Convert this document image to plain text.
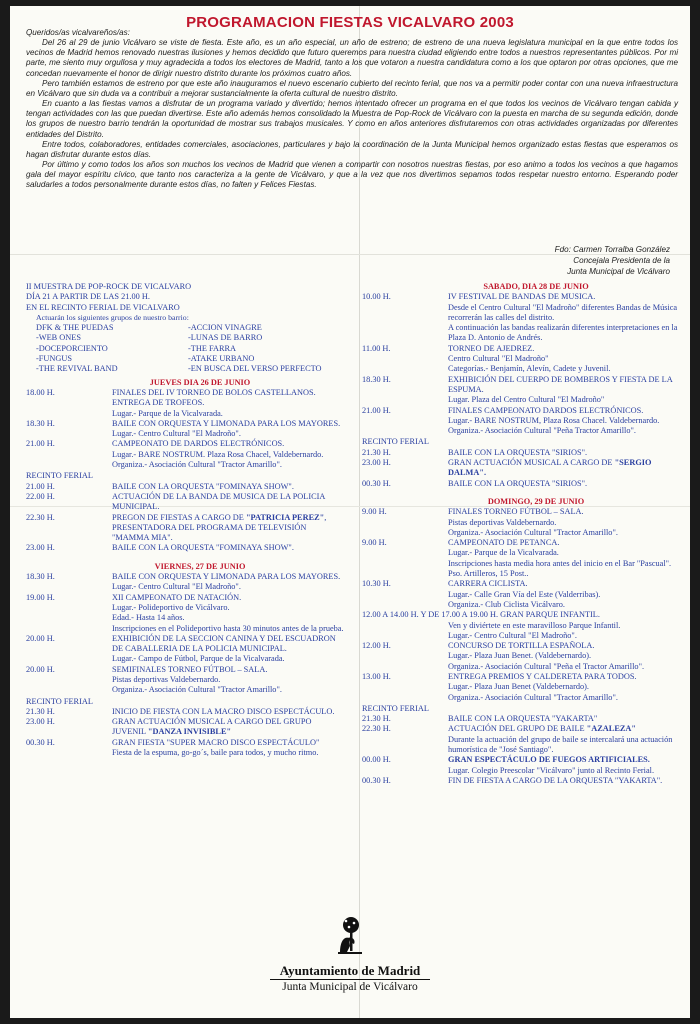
PROGRAMACION FIESTAS VICALVARO 2003

Queridos/as vicalvareños/as:

Del 26 al 29 de junio Vicálvaro se viste de fiesta. Este año, es un año especial, un año de estreno; de estreno de una nueva legislatura municipal en la que entre todos los vecinos de Madrid hemos renovado nuestras ilusiones y hemos decidido que futuro queremos para nuestra ciudad eligiendo entre todos a nuestros representantes públicos. Por mi parte, me siento muy orgullosa y muy agradecida a todos los electores de Madrid, tanto a los que votaron a nuestra candidatura como a los que optaron por otras opciones, que me concedan nuevamente el honor de dirigir nuestro distrito durante los próximos cuatro años.

Pero también estamos de estreno por que este año inauguramos el nuevo escenario cubierto del recinto ferial, que nos va a permitir poder contar con una nueva infraestructura en Vicálvaro que sin duda va a contribuir a mejorar sustancialmente la oferta cultural de nuestro distrito.

En cuanto a las fiestas vamos a disfrutar de un programa variado y divertido; hemos intentado ofrecer un programa en el que todos los vecinos de Vicálvaro tengan cabida y tengan actividades con las que puedan divertirse. Este año además hemos consolidado la Muestra de Pop-Rock de Vicálvaro con la puesta en marcha de su segunda edición, donde los grupos de nuestro barrio tendrán la oportunidad de mostrar sus trabajos musicales. Y como en años anteriores disfrutaremos con otras actividades organizadas por diferentes entidades del Distrito.

Entre todos, colaboradores, entidades comerciales, asociaciones, particulares y bajo la coordinación de la Junta Municipal hemos organizado estas fiestas que esperamos os hagan disfrutar durante estos días.

Por último y como todos los años son muchos los vecinos de Madrid que vienen a compartir con nosotros nuestras fiestas, por eso animo a todos los vecinos a que hagamos gala del mayor espíritu cívico, que tanto nos caracteriza a la gente de Vicálvaro, y que a la vez que nos divertimos sepamos todos respetar nuestro entorno. Esperando poder saludarles a todos personalmente durante estos días, no falten y Felices Fiestas.

Fdo: Carmen Torralba González
Concejala Presidenta de la
Junta Municipal de Vicálvaro
II MUESTRA DE POP-ROCK DE VICALVARO
DÍA 21 A PARTIR DE LAS 21.00 H.
EN EL RECINTO FERIAL DE VICALVARO
Actuarán los siguientes grupos de nuestro barrio:
DFK & THE PUEDAS	-ACCION VINAGRE
-WEB ONES	-LUNAS DE BARRO
-DOCEPORCIENTO	-THE FARRA
-FUNGUS	-ATAKE URBANO
-THE REVIVAL BAND	-EN BUSCA DEL VERSO PERFECTO
JUEVES DIA 26 DE JUNIO
18.00 H.	FINALES DEL IV TORNEO DE BOLOS CASTELLANOS. ENTREGA DE TROFEOS.
Lugar.- Parque de la Vicalvarada.
18.30 H.	BAILE CON ORQUESTA Y LIMONADA PARA LOS MAYORES.
Lugar.- Centro Cultural "El Madroño".
21.00 H.	CAMPEONATO DE DARDOS ELECTRÓNICOS.
Lugar.- BARE NOSTRUM. Plaza Rosa Chacel, Valdebernardo.
Organiza.- Asociación Cultural "Tractor Amarillo".
RECINTO FERIAL
21.00 H.	BAILE CON LA ORQUESTA "FOMINAYA SHOW".
22.00 H.	ACTUACIÓN DE LA BANDA DE MUSICA DE LA POLICIA MUNICIPAL.
22.30 H.	PREGON DE FIESTAS A CARGO DE "PATRICIA PEREZ", PRESENTADORA DEL PROGRAMA DE TELEVISIÓN "MAMMA MIA".
23.00 H.	BAILE CON LA ORQUESTA "FOMINAYA SHOW".
VIERNES, 27 DE JUNIO
18.30 H.	BAILE CON ORQUESTA Y LIMONADA PARA LOS MAYORES.
Lugar.- Centro Cultural "El Madroño".
19.00 H.	XII CAMPEONATO DE NATACIÓN.
Lugar.- Polideportivo de Vicálvaro.
Edad.- Hasta 14 años.
Inscripciones en el Polideportivo hasta 30 minutos antes de la prueba.
20.00 H.	EXHIBICIÓN DE LA SECCION CANINA Y DEL ESCUADRON DE CABALLERIA DE LA POLICIA MUNICIPAL.
Lugar.- Campo de Fútbol, Parque de la Vicalvarada.
20.00 H.	SEMIFINALES TORNEO FÚTBOL – SALA.
Pistas deportivas Valdebernardo.
Organiza.- Asociación Cultural "Tractor Amarillo".
RECINTO FERIAL
21.30 H.	INICIO DE FIESTA CON LA MACRO DISCO ESPECTÁCULO.
23.00 H.	GRAN ACTUACIÓN MUSICAL A CARGO DEL GRUPO JUVENIL "DANZA INVISIBLE"
00.30 H.	GRAN FIESTA "SUPER MACRO DISCO ESPECTÁCULO"
Fiesta de la espuma, go-go´s, baile para todos, y mucho ritmo.
SABADO, DIA 28 DE JUNIO
10.00 H.	IV FESTIVAL DE BANDAS DE MUSICA.
Desde el Centro Cultural "El Madroño" diferentes Bandas de Música recorrerán las calles del distrito.
A continuación las bandas realizarán diferentes interpretaciones en la Plaza D. Antonio de Andrés.
11.00 H.	TORNEO DE AJEDREZ.
Centro Cultural "El Madroño"
Categorías.- Benjamín, Alevín, Cadete y Juvenil.
18.30 H.	EXHIBICIÓN DEL CUERPO DE BOMBEROS Y FIESTA DE LA ESPUMA.
Lugar. Plaza del Centro Cultural "El Madroño"
21.00 H.	FINALES CAMPEONATO DARDOS ELECTRÓNICOS.
Lugar.- BARE NOSTRUM, Plaza Rosa Chacel. Valdebernardo.
Organiza.- Asociación Cultural "Peña Tractor Amarillo".
RECINTO FERIAL
21.30 H.	BAILE CON LA ORQUESTA "SIRIOS".
23.00 H.	GRAN ACTUACIÓN MUSICAL A CARGO DE "SERGIO DALMA".
00.30 H.	BAILE CON LA ORQUESTA "SIRIOS".
DOMINGO, 29 DE JUNIO
9.00 H.	FINALES TORNEO FÚTBOL – SALA.
Pistas deportivas Valdebernardo.
Organiza.- Asociación Cultural "Tractor Amarillo".
9.00 H.	CAMPEONATO DE PETANCA.
Lugar.- Parque de la Vicalvarada.
Inscripciones hasta media hora antes del inicio en el Bar "Pascual". Pso. Artilleros, 15 Post..
10.30 H.	CARRERA CICLISTA.
Lugar.- Calle Gran Vía del Este (Valderribas).
Organiza.- Club Ciclista Vicálvaro.
12.00 A 14.00 H. Y DE 17.00 A 19.00 H. GRAN PARQUE INFANTIL.
Ven y diviértete en este maravilloso Parque Infantil.
Lugar.- Centro Cultural "El Madroño".
12.00 H.	CONCURSO DE TORTILLA ESPAÑOLA.
Lugar.- Plaza Juan Benet. (Valdebernardo).
Organiza.- Asociación Cultural "Peña el Tractor Amarillo".
13.00 H.	ENTREGA PREMIOS Y CALDERETA PARA TODOS.
Lugar.- Plaza Juan Benet (Valdebernardo).
Organiza.- Asociación Cultural "Tractor Amarillo".
RECINTO FERIAL
21.30 H.	BAILE CON LA ORQUESTA "YAKARTA"
22.30 H.	ACTUACIÓN DEL GRUPO DE BAILE "AZALEZA"
Durante la actuación del grupo de baile se intercalará una actuación humorística de "José Santiago".
00.00 H.	GRAN ESPECTÁCULO DE FUEGOS ARTIFICIALES.
Lugar. Colegio Preescolar "Vicálvaro" junto al Recinto Ferial.
00.30 H.	FIN DE FIESTA A CARGO DE LA ORQUESTA "YAKARTA".
Ayuntamiento de Madrid
Junta Municipal de Vicálvaro
